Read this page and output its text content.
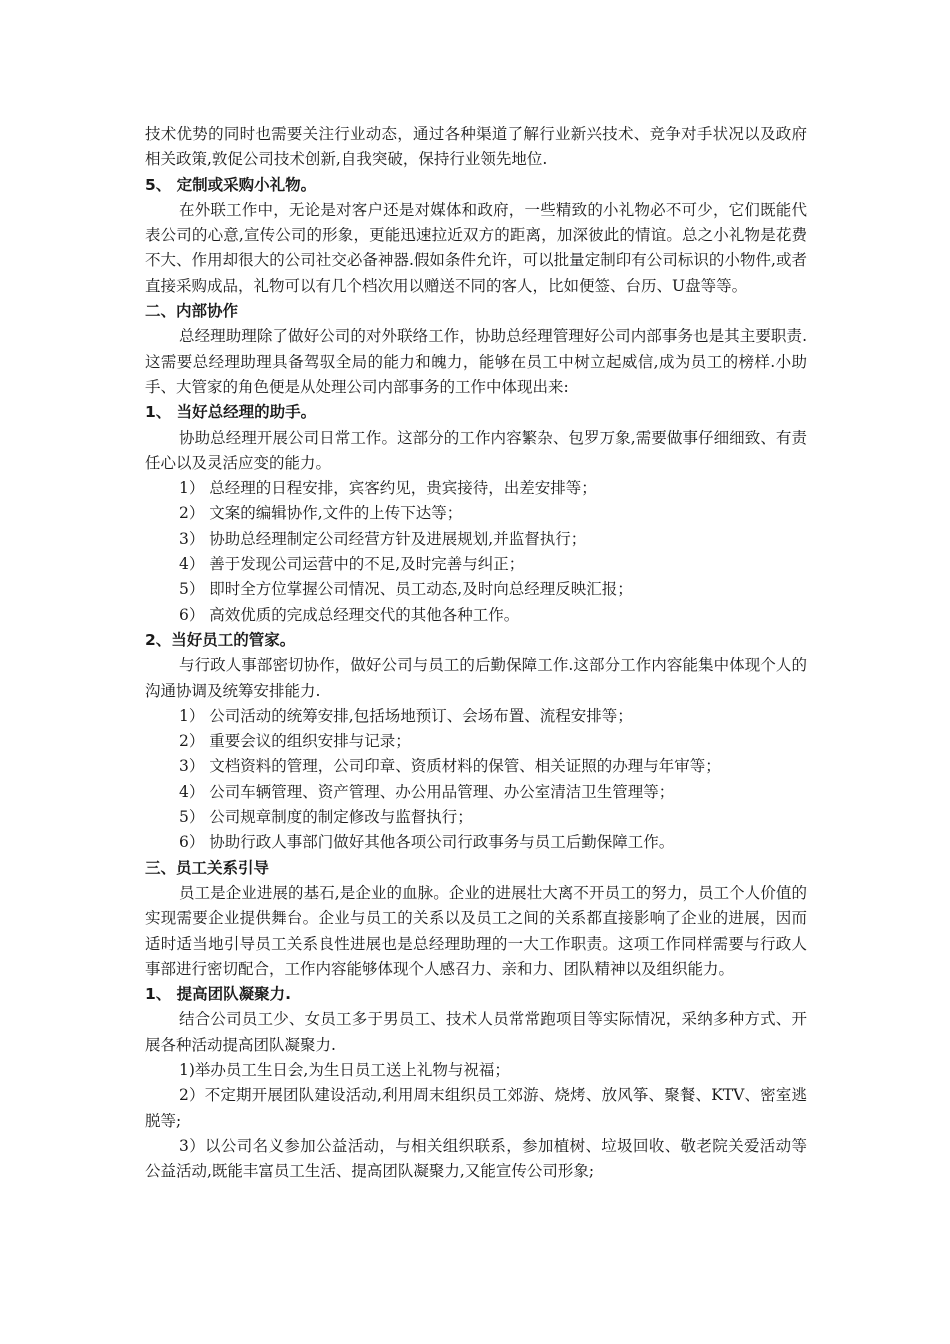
技术优势的同时也需要关注行业动态，通过各种渠道了解行业新兴技术、竞争对手状况以及政府相关政策,敦促公司技术创新,自我突破，保持行业领先地位.

5、 定制或采购小礼物。

在外联工作中，无论是对客户还是对媒体和政府，一些精致的小礼物必不可少，它们既能代表公司的心意,宣传公司的形象，更能迅速拉近双方的距离，加深彼此的情谊。总之小礼物是花费不大、作用却很大的公司社交必备神器.假如条件允许，可以批量定制印有公司标识的小物件,或者直接采购成品，礼物可以有几个档次用以赠送不同的客人，比如便签、台历、U盘等等。

二、内部协作

总经理助理除了做好公司的对外联络工作，协助总经理管理好公司内部事务也是其主要职责.这需要总经理助理具备驾驭全局的能力和魄力，能够在员工中树立起威信,成为员工的榜样.小助手、大管家的角色便是从处理公司内部事务的工作中体现出来:

1、 当好总经理的助手。

协助总经理开展公司日常工作。这部分的工作内容繁杂、包罗万象,需要做事仔细细致、有责任心以及灵活应变的能力。

1） 总经理的日程安排，宾客约见，贵宾接待，出差安排等；

2） 文案的编辑协作,文件的上传下达等；

3） 协助总经理制定公司经营方针及进展规划,并监督执行；

4） 善于发现公司运营中的不足,及时完善与纠正；

5） 即时全方位掌握公司情况、员工动态,及时向总经理反映汇报；

6） 高效优质的完成总经理交代的其他各种工作。

2、当好员工的管家。

与行政人事部密切协作，做好公司与员工的后勤保障工作.这部分工作内容能集中体现个人的沟通协调及统筹安排能力.

1） 公司活动的统筹安排,包括场地预订、会场布置、流程安排等；

2） 重要会议的组织安排与记录；

3） 文档资料的管理，公司印章、资质材料的保管、相关证照的办理与年审等；

4） 公司车辆管理、资产管理、办公用品管理、办公室清洁卫生管理等；

5） 公司规章制度的制定修改与监督执行；

6） 协助行政人事部门做好其他各项公司行政事务与员工后勤保障工作。

三、员工关系引导

员工是企业进展的基石,是企业的血脉。企业的进展壮大离不开员工的努力，员工个人价值的实现需要企业提供舞台。企业与员工的关系以及员工之间的关系都直接影响了企业的进展，因而适时适当地引导员工关系良性进展也是总经理助理的一大工作职责。这项工作同样需要与行政人事部进行密切配合，工作内容能够体现个人感召力、亲和力、团队精神以及组织能力。

1、 提高团队凝聚力.

结合公司员工少、女员工多于男员工、技术人员常常跑项目等实际情况，采纳多种方式、开展各种活动提高团队凝聚力.

1)举办员工生日会,为生日员工送上礼物与祝福；

2）不定期开展团队建设活动,利用周末组织员工郊游、烧烤、放风筝、聚餐、KTV、密室逃脱等;

3）以公司名义参加公益活动，与相关组织联系，参加植树、垃圾回收、敬老院关爱活动等公益活动,既能丰富员工生活、提高团队凝聚力,又能宣传公司形象;
